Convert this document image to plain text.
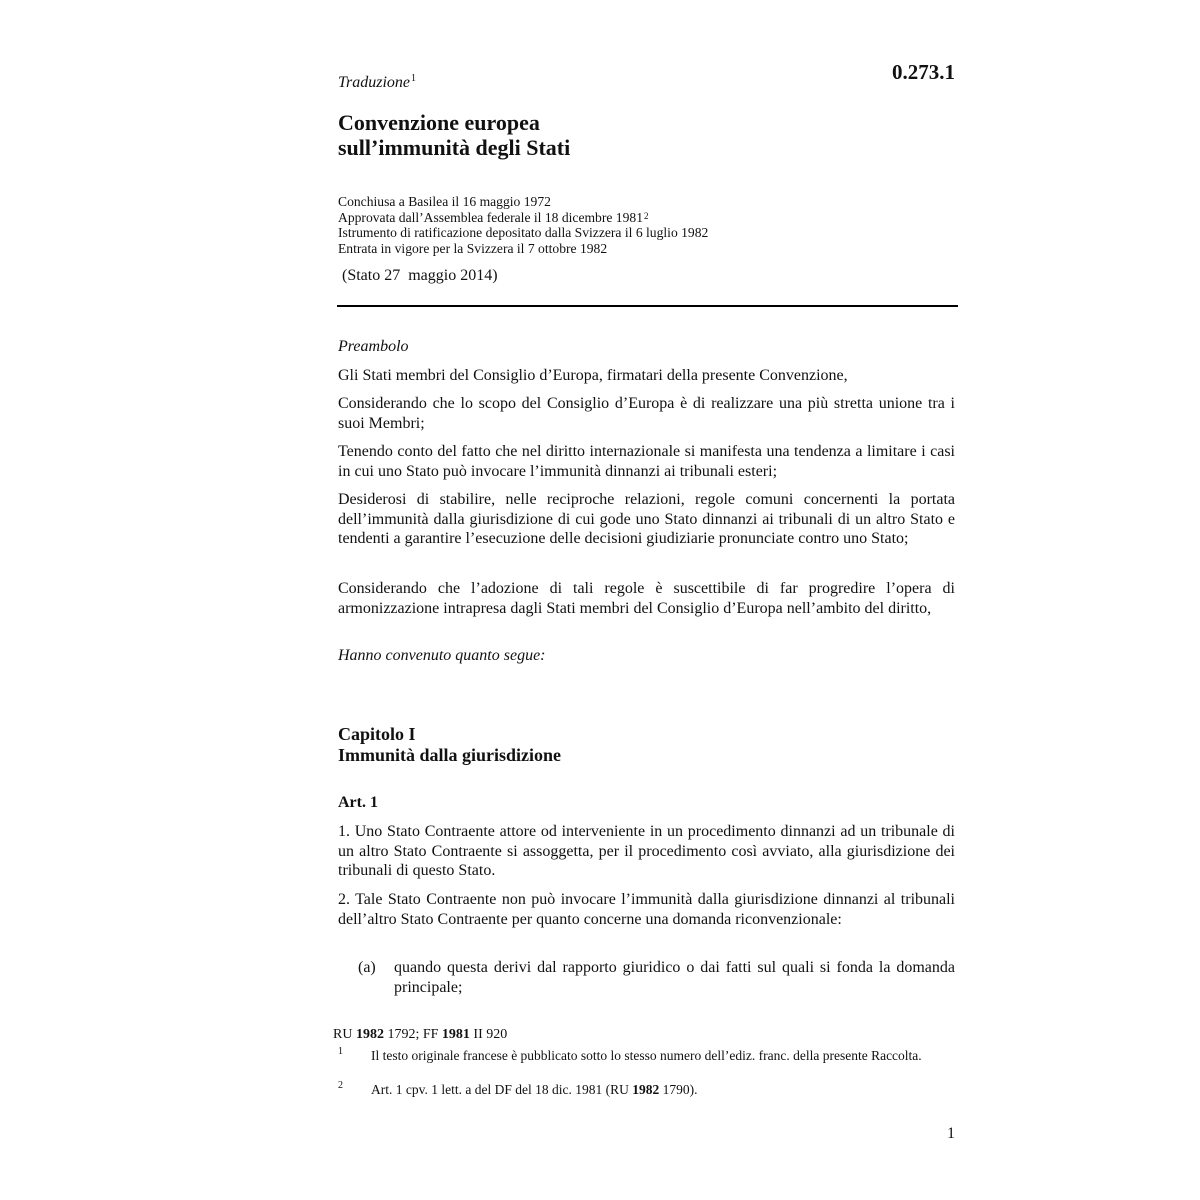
0.273.1
Traduzione$^1$
Convenzione europea
sull’immunità degli Stati
Conchiusa a Basilea il 16 maggio 1972
Approvata dall’Assemblea federale il 18 dicembre 1981$^2$
Istrumento di ratificazione depositato dalla Svizzera il 6 luglio 1982
Entrata in vigore per la Svizzera il 7 ottobre 1982
(Stato 27  maggio 2014)
Preambolo
Gli Stati membri del Consiglio d’Europa, firmatari della presente Convenzione,
Considerando che lo scopo del Consiglio d’Europa è di realizzare una più stretta unione tra i suoi Membri;
Tenendo conto del fatto che nel diritto internazionale si manifesta una tendenza a limitare i casi in cui uno Stato può invocare l’immunità dinnanzi ai tribunali esteri;
Desiderosi di stabilire, nelle reciproche relazioni, regole comuni concernenti la portata dell’immunità dalla giurisdizione di cui gode uno Stato dinnanzi ai tribunali di un altro Stato e tendenti a garantire l’esecuzione delle decisioni giudiziarie pronunciate contro uno Stato;
Considerando che l’adozione di tali regole è suscettibile di far progredire l’opera di armonizzazione intrapresa dagli Stati membri del Consiglio d’Europa nell’ambito del diritto,
Hanno convenuto quanto segue:
Capitolo I
Immunità dalla giurisdizione
Art. 1
1. Uno Stato Contraente attore od interveniente in un procedimento dinnanzi ad un tribunale di un altro Stato Contraente si assoggetta, per il procedimento così avviato, alla giurisdizione dei tribunali di questo Stato.
2. Tale Stato Contraente non può invocare l’immunità dalla giurisdizione dinnanzi al tribunali dell’altro Stato Contraente per quanto concerne una domanda riconvenzionale:
(a) quando questa derivi dal rapporto giuridico o dai fatti sul quali si fonda la domanda principale;
RU 1982 1792; FF 1981 II 920
1 Il testo originale francese è pubblicato sotto lo stesso numero dell’ediz. franc. della presente Raccolta.
2 Art. 1 cpv. 1 lett. a del DF del 18 dic. 1981 (RU 1982 1790).
1
